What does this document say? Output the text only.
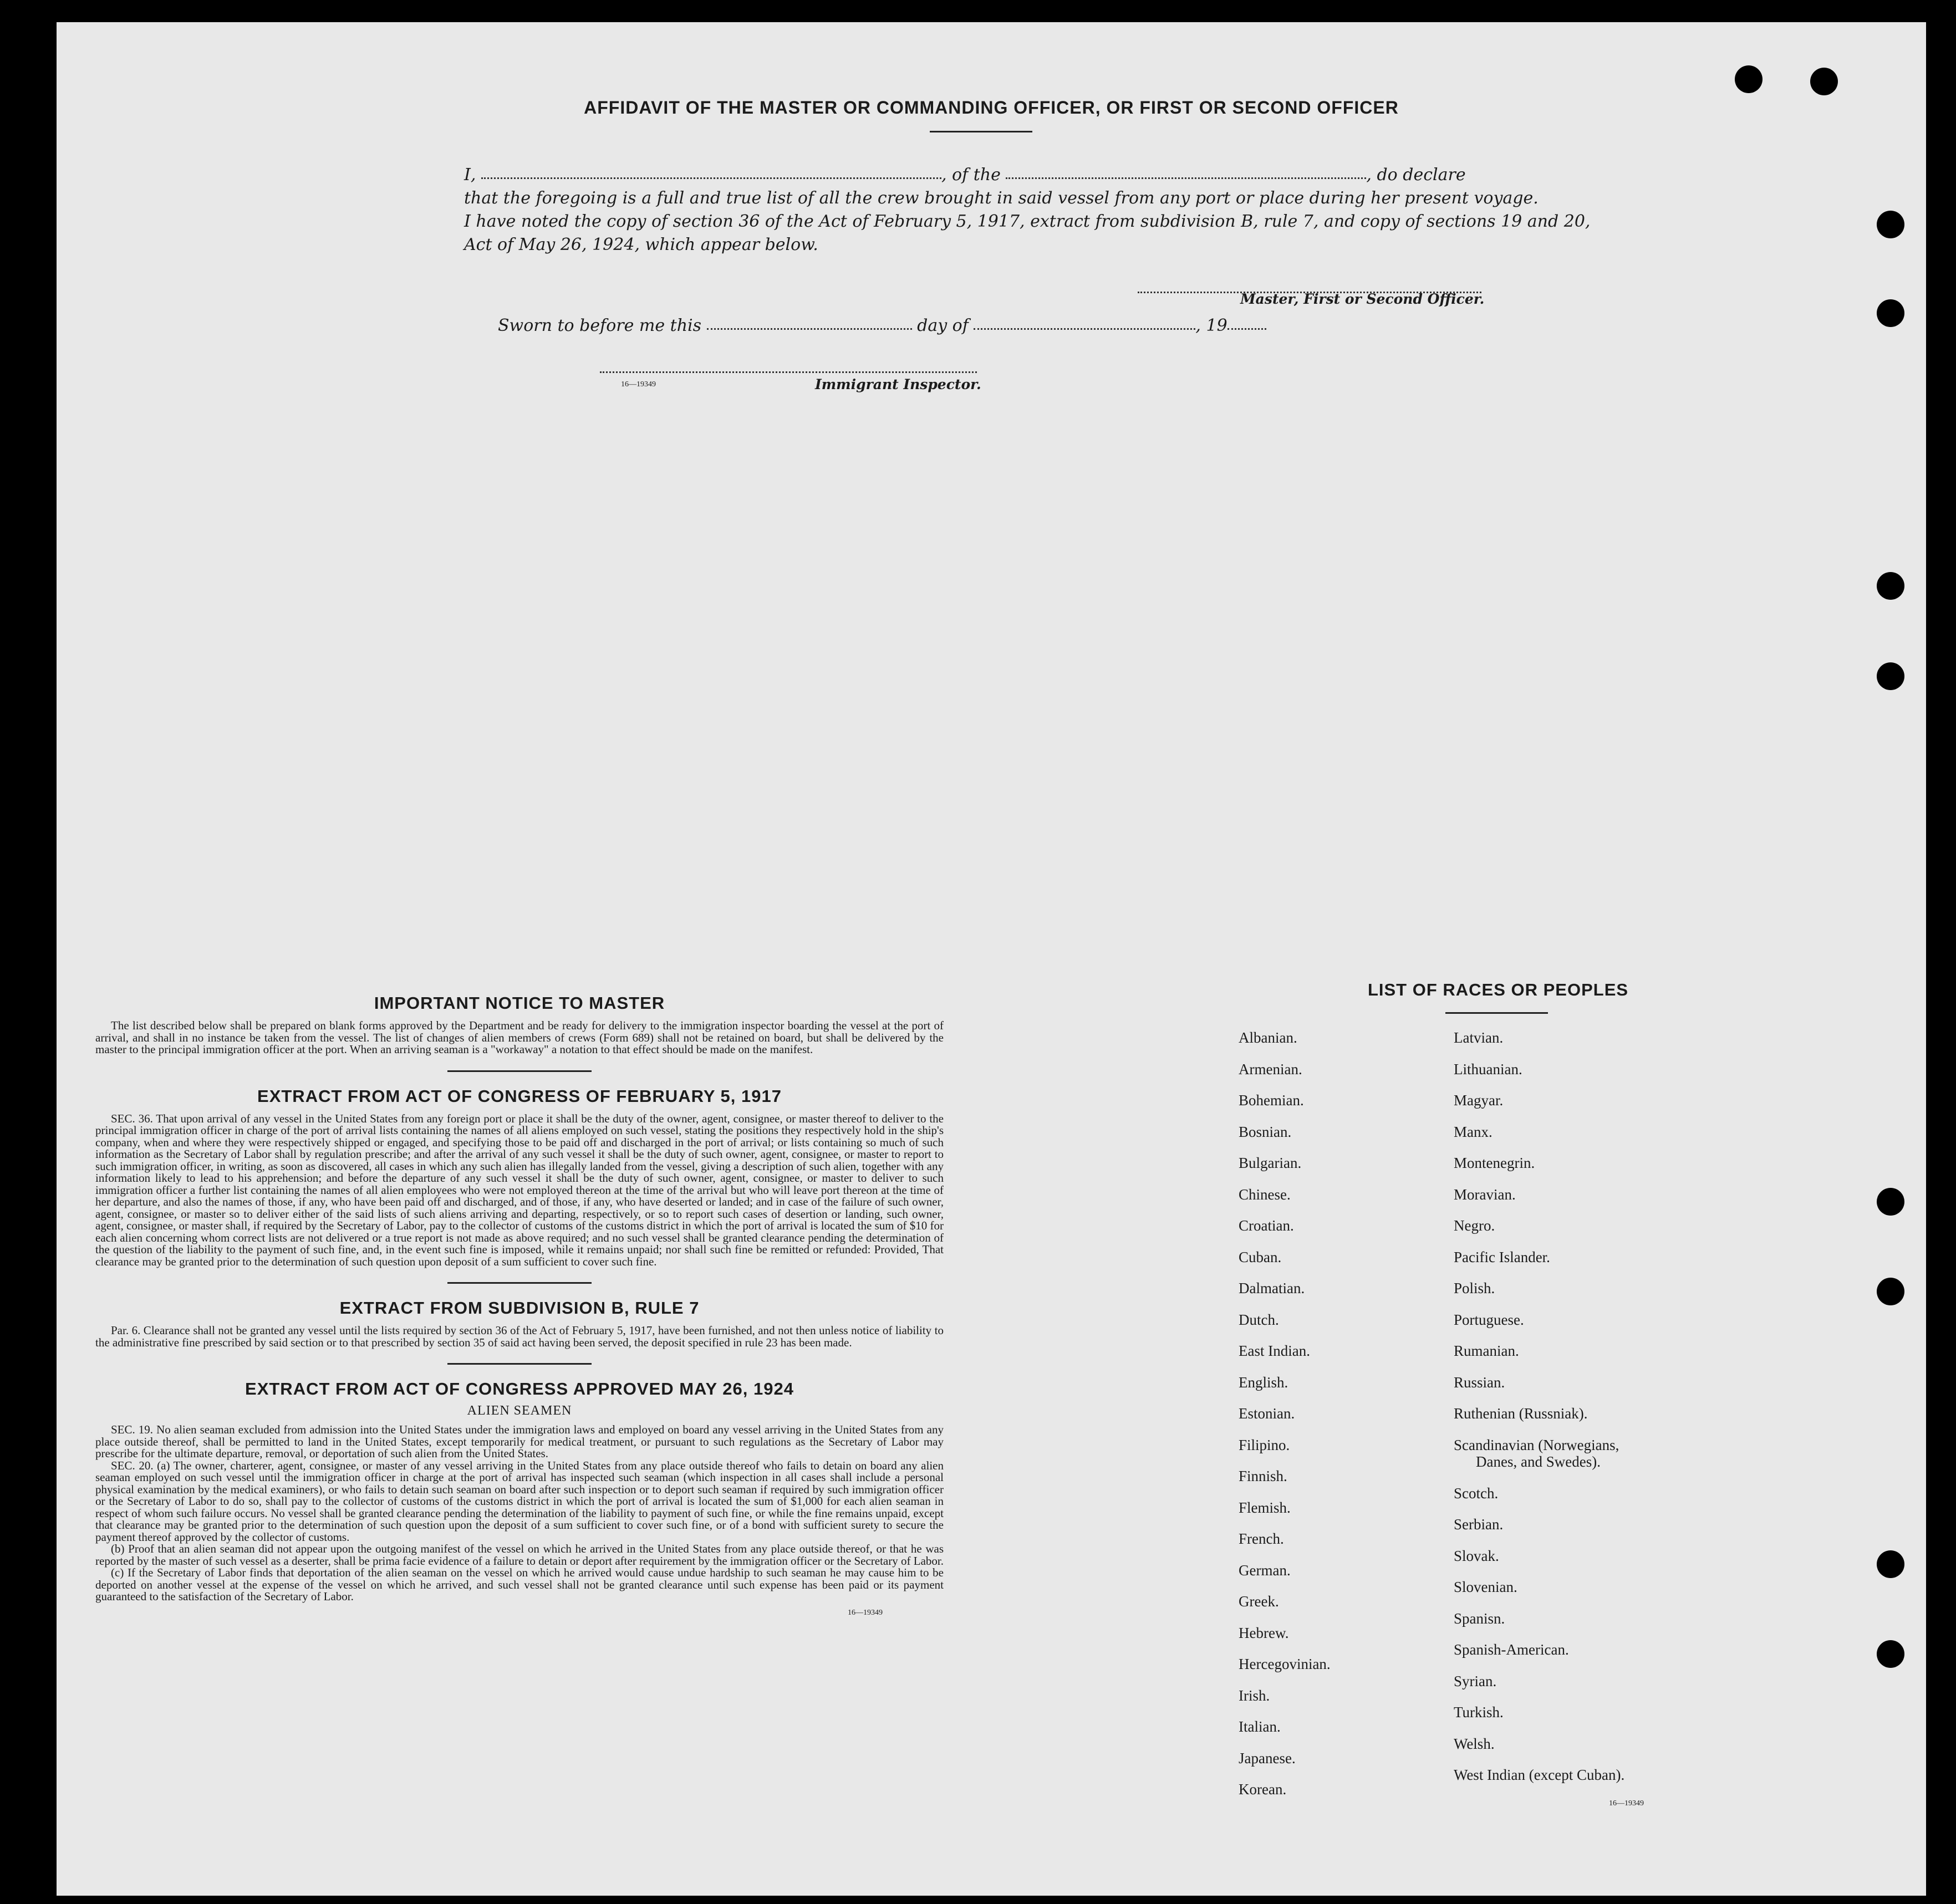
AFFIDAVIT OF THE MASTER OR COMMANDING OFFICER, OR FIRST OR SECOND OFFICER
I,	, of the	, do declare
that the foregoing is a full and true list of all the crew brought in said vessel from any port or place during her present voyage.
I have noted the copy of section 36 of the Act of February 5, 1917, extract from subdivision B, rule 7, and copy of sections 19 and 20,
Act of May 26, 1924, which appear below.
Master, First or Second Officer.
Sworn to before me this	day of	, 19
16—19349	Immigrant Inspector.
IMPORTANT NOTICE TO MASTER

The list described below shall be prepared on blank forms approved by the Department and be ready for delivery to the immigration inspector boarding the vessel at the port of arrival, and shall in no instance be taken from the vessel. The list of changes of alien members of crews (Form 689) shall not be retained on board, but shall be delivered by the master to the principal immigration officer at the port. When an arriving seaman is a "workaway" a notation to that effect should be made on the manifest.

EXTRACT FROM ACT OF CONGRESS OF FEBRUARY 5, 1917

SEC. 36. That upon arrival of any vessel in the United States from any foreign port or place it shall be the duty of the owner, agent, consignee, or master thereof to deliver to the principal immigration officer in charge of the port of arrival lists containing the names of all aliens employed on such vessel, stating the positions they respectively hold in the ship's company, when and where they were respectively shipped or engaged, and specifying those to be paid off and discharged in the port of arrival; or lists containing so much of such information as the Secretary of Labor shall by regulation prescribe; and after the arrival of any such vessel it shall be the duty of such owner, agent, consignee, or master to report to such immigration officer, in writing, as soon as discovered, all cases in which any such alien has illegally landed from the vessel, giving a description of such alien, together with any information likely to lead to his apprehension; and before the departure of any such vessel it shall be the duty of such owner, agent, consignee, or master to deliver to such immigration officer a further list containing the names of all alien employees who were not employed thereon at the time of the arrival but who will leave port thereon at the time of her departure, and also the names of those, if any, who have been paid off and discharged, and of those, if any, who have deserted or landed; and in case of the failure of such owner, agent, consignee, or master so to deliver either of the said lists of such aliens arriving and departing, respectively, or so to report such cases of desertion or landing, such owner, agent, consignee, or master shall, if required by the Secretary of Labor, pay to the collector of customs of the customs district in which the port of arrival is located the sum of $10 for each alien concerning whom correct lists are not delivered or a true report is not made as above required; and no such vessel shall be granted clearance pending the determination of the question of the liability to the payment of such fine, and, in the event such fine is imposed, while it remains unpaid; nor shall such fine be remitted or refunded: Provided, That clearance may be granted prior to the determination of such question upon deposit of a sum sufficient to cover such fine.

EXTRACT FROM SUBDIVISION B, RULE 7

Par. 6. Clearance shall not be granted any vessel until the lists required by section 36 of the Act of February 5, 1917, have been furnished, and not then unless notice of liability to the administrative fine prescribed by said section or to that prescribed by section 35 of said act having been served, the deposit specified in rule 23 has been made.

EXTRACT FROM ACT OF CONGRESS APPROVED MAY 26, 1924
ALIEN SEAMEN

SEC. 19. No alien seaman excluded from admission into the United States under the immigration laws and employed on board any vessel arriving in the United States from any place outside thereof, shall be permitted to land in the United States, except temporarily for medical treatment, or pursuant to such regulations as the Secretary of Labor may prescribe for the ultimate departure, removal, or deportation of such alien from the United States.

SEC. 20. (a) The owner, charterer, agent, consignee, or master of any vessel arriving in the United States from any place outside thereof who fails to detain on board any alien seaman employed on such vessel until the immigration officer in charge at the port of arrival has inspected such seaman (which inspection in all cases shall include a personal physical examination by the medical examiners), or who fails to detain such seaman on board after such inspection or to deport such seaman if required by such immigration officer or the Secretary of Labor to do so, shall pay to the collector of customs of the customs district in which the port of arrival is located the sum of $1,000 for each alien seaman in respect of whom such failure occurs. No vessel shall be granted clearance pending the determination of the liability to payment of such fine, or while the fine remains unpaid, except that clearance may be granted prior to the determination of such question upon the deposit of a sum sufficient to cover such fine, or of a bond with sufficient surety to secure the payment thereof approved by the collector of customs.

(b) Proof that an alien seaman did not appear upon the outgoing manifest of the vessel on which he arrived in the United States from any place outside thereof, or that he was reported by the master of such vessel as a deserter, shall be prima facie evidence of a failure to detain or deport after requirement by the immigration officer or the Secretary of Labor.

(c) If the Secretary of Labor finds that deportation of the alien seaman on the vessel on which he arrived would cause undue hardship to such seaman he may cause him to be deported on another vessel at the expense of the vessel on which he arrived, and such vessel shall not be granted clearance until such expense has been paid or its payment guaranteed to the satisfaction of the Secretary of Labor.

16—19349
LIST OF RACES OR PEOPLES
Albanian.
Armenian.
Bohemian.
Bosnian.
Bulgarian.
Chinese.
Croatian.
Cuban.
Dalmatian.
Dutch.
East Indian.
English.
Estonian.
Filipino.
Finnish.
Flemish.
French.
German.
Greek.
Hebrew.
Hercegovinian.
Irish.
Italian.
Japanese.
Korean.
Latvian.
Lithuanian.
Magyar.
Manx.
Montenegrin.
Moravian.
Negro.
Pacific Islander.
Polish.
Portuguese.
Rumanian.
Russian.
Ruthenian (Russniak).
Scandinavian (Norwegians,
Danes, and Swedes).
Scotch.
Serbian.
Slovak.
Slovenian.
Spanisn.
Spanish-American.
Syrian.
Turkish.
Welsh.
West Indian (except Cuban).
16—19349
